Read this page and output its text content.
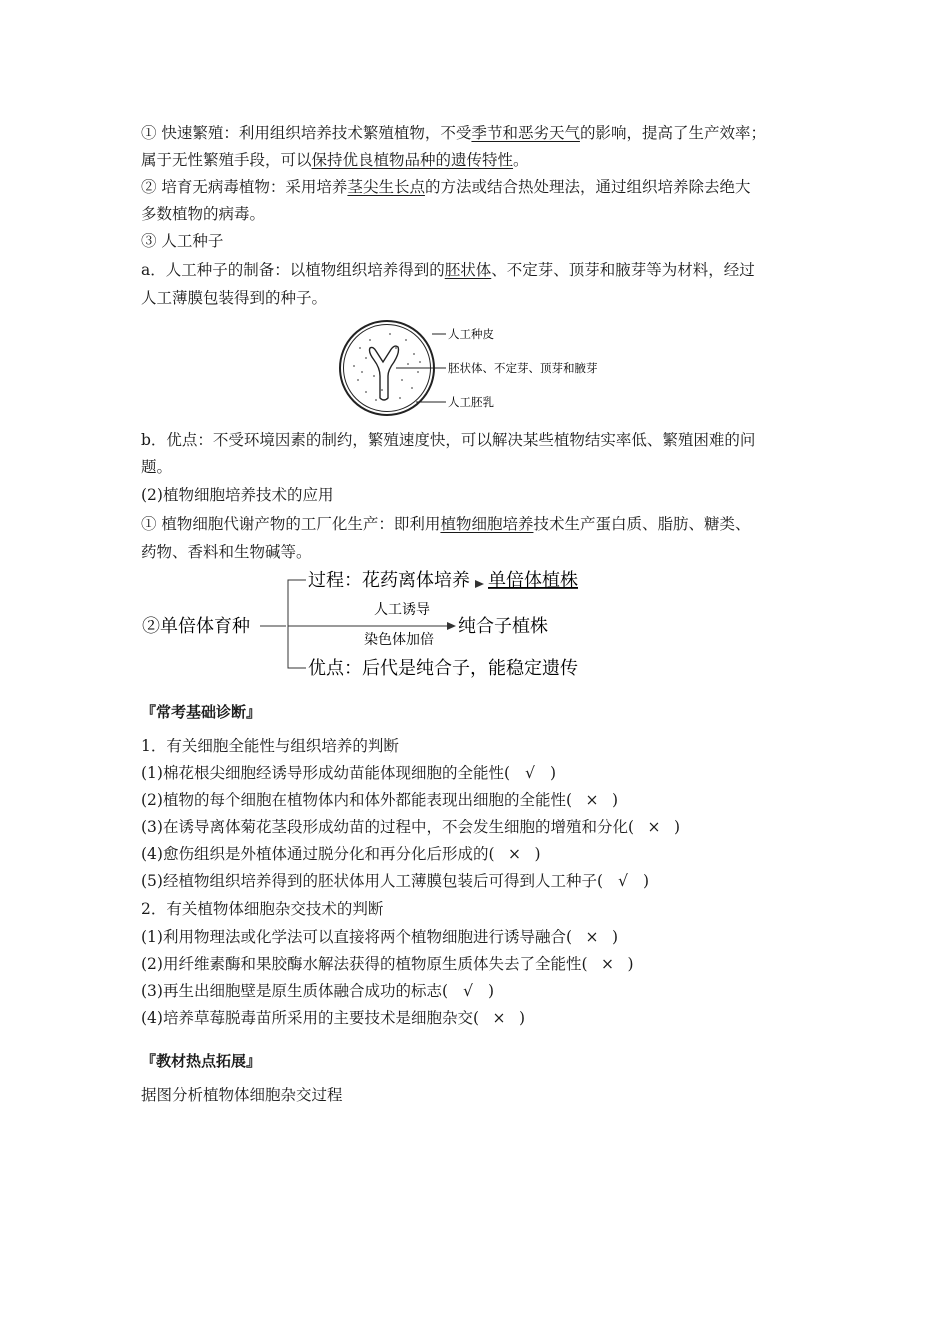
① 快速繁殖：利用组织培养技术繁殖植物，不受季节和恶劣天气的影响，提高了生产效率；
属于无性繁殖手段，可以保持优良植物品种的遗传特性。
② 培育无病毒植物：采用培养茎尖生长点的方法或结合热处理法，通过组织培养除去绝大
多数植物的病毒。
③ 人工种子
a．人工种子的制备：以植物组织培养得到的胚状体、不定芽、顶芽和腋芽等为材料，经过
人工薄膜包装得到的种子。
人工种皮
胚状体、不定芽、顶芽和腋芽
人工胚乳
b．优点：不受环境因素的制约，繁殖速度快，可以解决某些植物结实率低、繁殖困难的问
题。
(2)植物细胞培养技术的应用
① 植物细胞代谢产物的工厂化生产：即利用植物细胞培养技术生产蛋白质、脂肪、糖类、
药物、香料和生物碱等。
②单倍体育种
过程：花药离体培养 单倍体植株
人工诱导
染色体加倍
纯合子植株
优点：后代是纯合子，能稳定遗传
『常考基础诊断』
1．有关细胞全能性与组织培养的判断
(1)棉花根尖细胞经诱导形成幼苗能体现细胞的全能性( √ )
(2)植物的每个细胞在植物体内和体外都能表现出细胞的全能性( × )
(3)在诱导离体菊花茎段形成幼苗的过程中，不会发生细胞的增殖和分化( × )
(4)愈伤组织是外植体通过脱分化和再分化后形成的( × )
(5)经植物组织培养得到的胚状体用人工薄膜包装后可得到人工种子( √ )
2．有关植物体细胞杂交技术的判断
(1)利用物理法或化学法可以直接将两个植物细胞进行诱导融合( × )
(2)用纤维素酶和果胶酶水解法获得的植物原生质体失去了全能性( × )
(3)再生出细胞壁是原生质体融合成功的标志( √ )
(4)培养草莓脱毒苗所采用的主要技术是细胞杂交( × )
『教材热点拓展』
据图分析植物体细胞杂交过程
